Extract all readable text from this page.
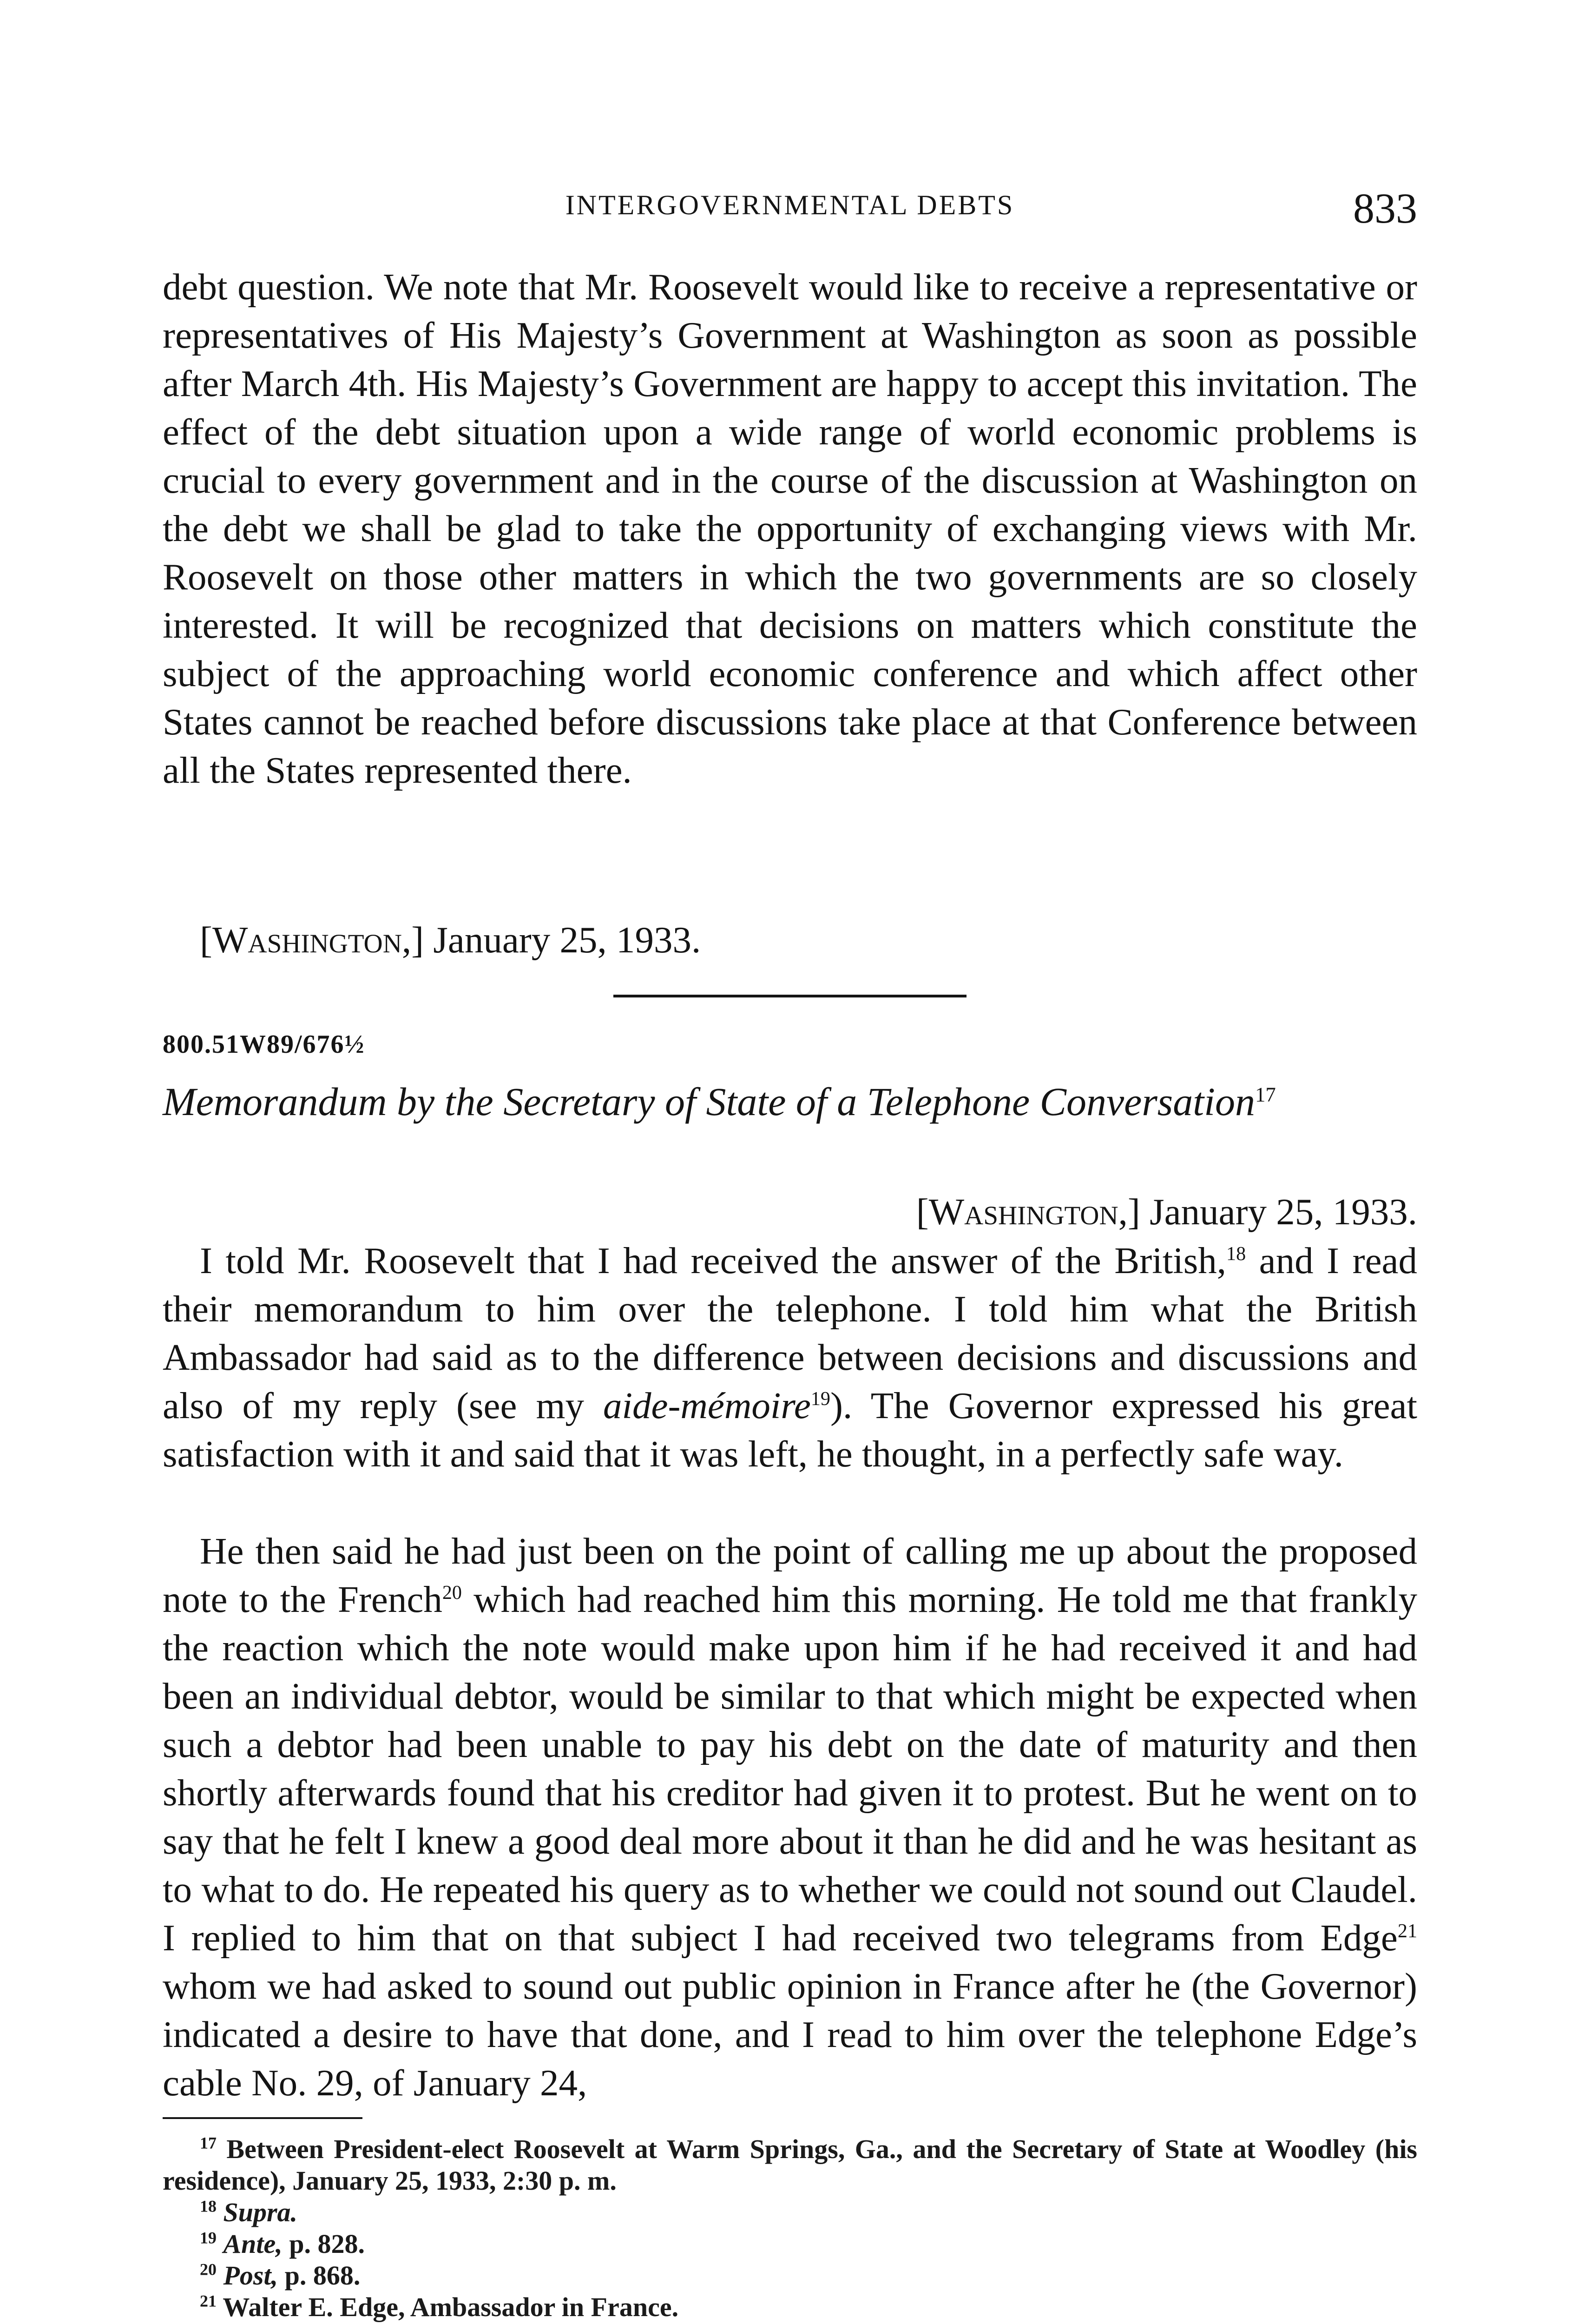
INTERGOVERNMENTAL DEBTS	833

debt question. We note that Mr. Roosevelt would like to receive a representative or representatives of His Majesty’s Government at Washington as soon as possible after March 4th. His Majesty’s Government are happy to accept this invitation. The effect of the debt situation upon a wide range of world economic problems is crucial to every government and in the course of the discussion at Washington on the debt we shall be glad to take the opportunity of exchanging views with Mr. Roosevelt on those other matters in which the two governments are so closely interested. It will be recognized that decisions on matters which constitute the subject of the approaching world economic conference and which affect other States cannot be reached before discussions take place at that Conference between all the States represented there.

[Washington,] January 25, 1933.
800.51W89/676½
Memorandum by the Secretary of State of a Telephone Conversation$^{17}$
[Washington,] January 25, 1933.

I told Mr. Roosevelt that I had received the answer of the British,$^{18}$ and I read their memorandum to him over the telephone. I told him what the British Ambassador had said as to the difference between decisions and discussions and also of my reply (see my aide-mémoire$^{19}$). The Governor expressed his great satisfaction with it and said that it was left, he thought, in a perfectly safe way.

He then said he had just been on the point of calling me up about the proposed note to the French$^{20}$ which had reached him this morning. He told me that frankly the reaction which the note would make upon him if he had received it and had been an individual debtor, would be similar to that which might be expected when such a debtor had been unable to pay his debt on the date of maturity and then shortly afterwards found that his creditor had given it to protest. But he went on to say that he felt I knew a good deal more about it than he did and he was hesitant as to what to do. He repeated his query as to whether we could not sound out Claudel. I replied to him that on that subject I had received two telegrams from Edge$^{21}$ whom we had asked to sound out public opinion in France after he (the Governor) indicated a desire to have that done, and I read to him over the telephone Edge’s cable No. 29, of January 24,

$^{17}$ Between President-elect Roosevelt at Warm Springs, Ga., and the Secretary of State at Woodley (his residence), January 25, 1933, 2:30 p. m.

$^{18}$ Supra.

$^{19}$ Ante, p. 828.

$^{20}$ Post, p. 868.

$^{21}$ Walter E. Edge, Ambassador in France.
